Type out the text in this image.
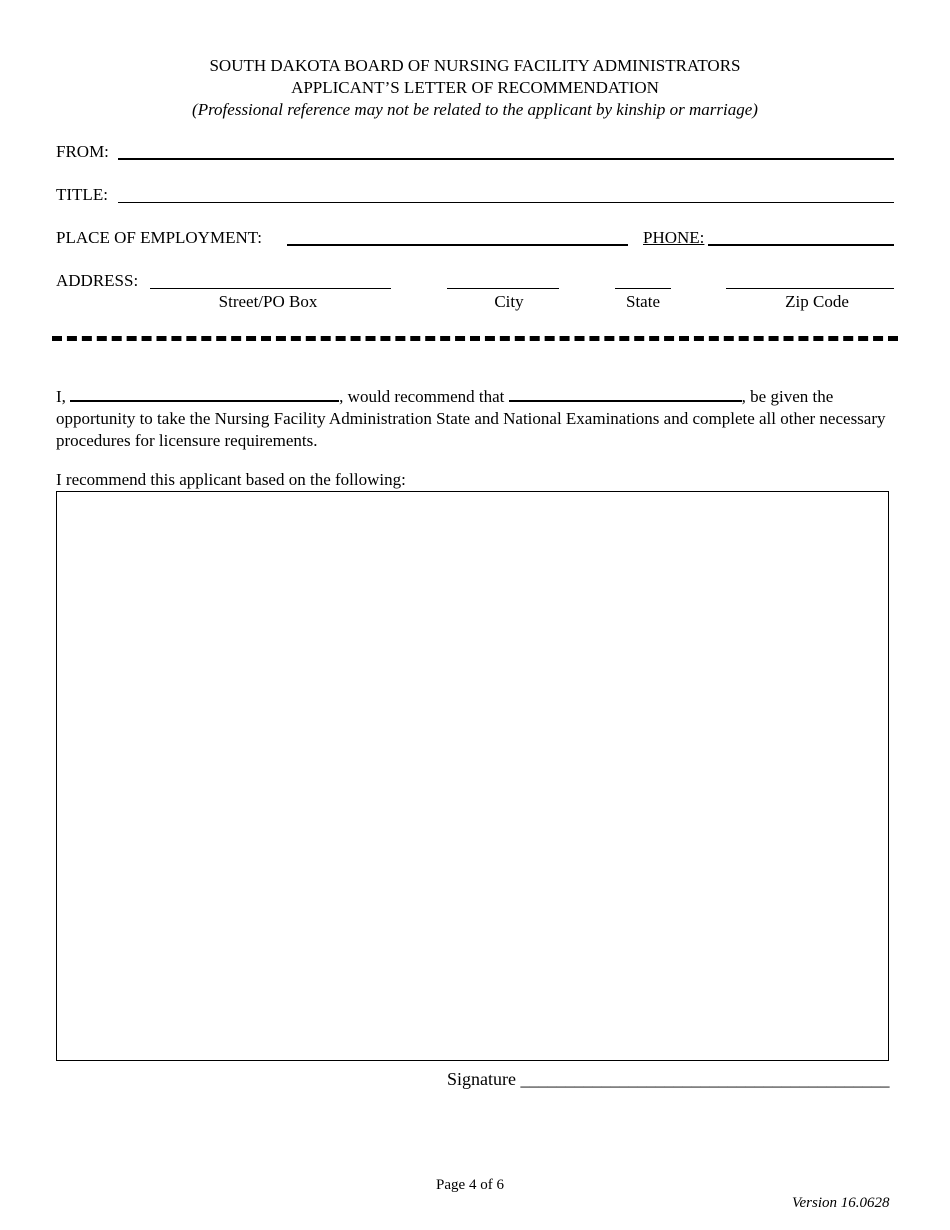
SOUTH DAKOTA BOARD OF NURSING FACILITY ADMINISTRATORS
APPLICANT’S LETTER OF RECOMMENDATION
(Professional reference may not be related to the applicant by kinship or marriage)
FROM:
TITLE:
PLACE OF EMPLOYMENT:	PHONE:
ADDRESS:
Street/PO Box	City	State	Zip Code
I,	, would recommend that	, be given the opportunity to take the Nursing Facility Administration State and National Examinations and complete all other necessary procedures for licensure requirements.
I recommend this applicant based on the following:
Signature _________________________________________
Page 4 of 6
Version 16.0628
